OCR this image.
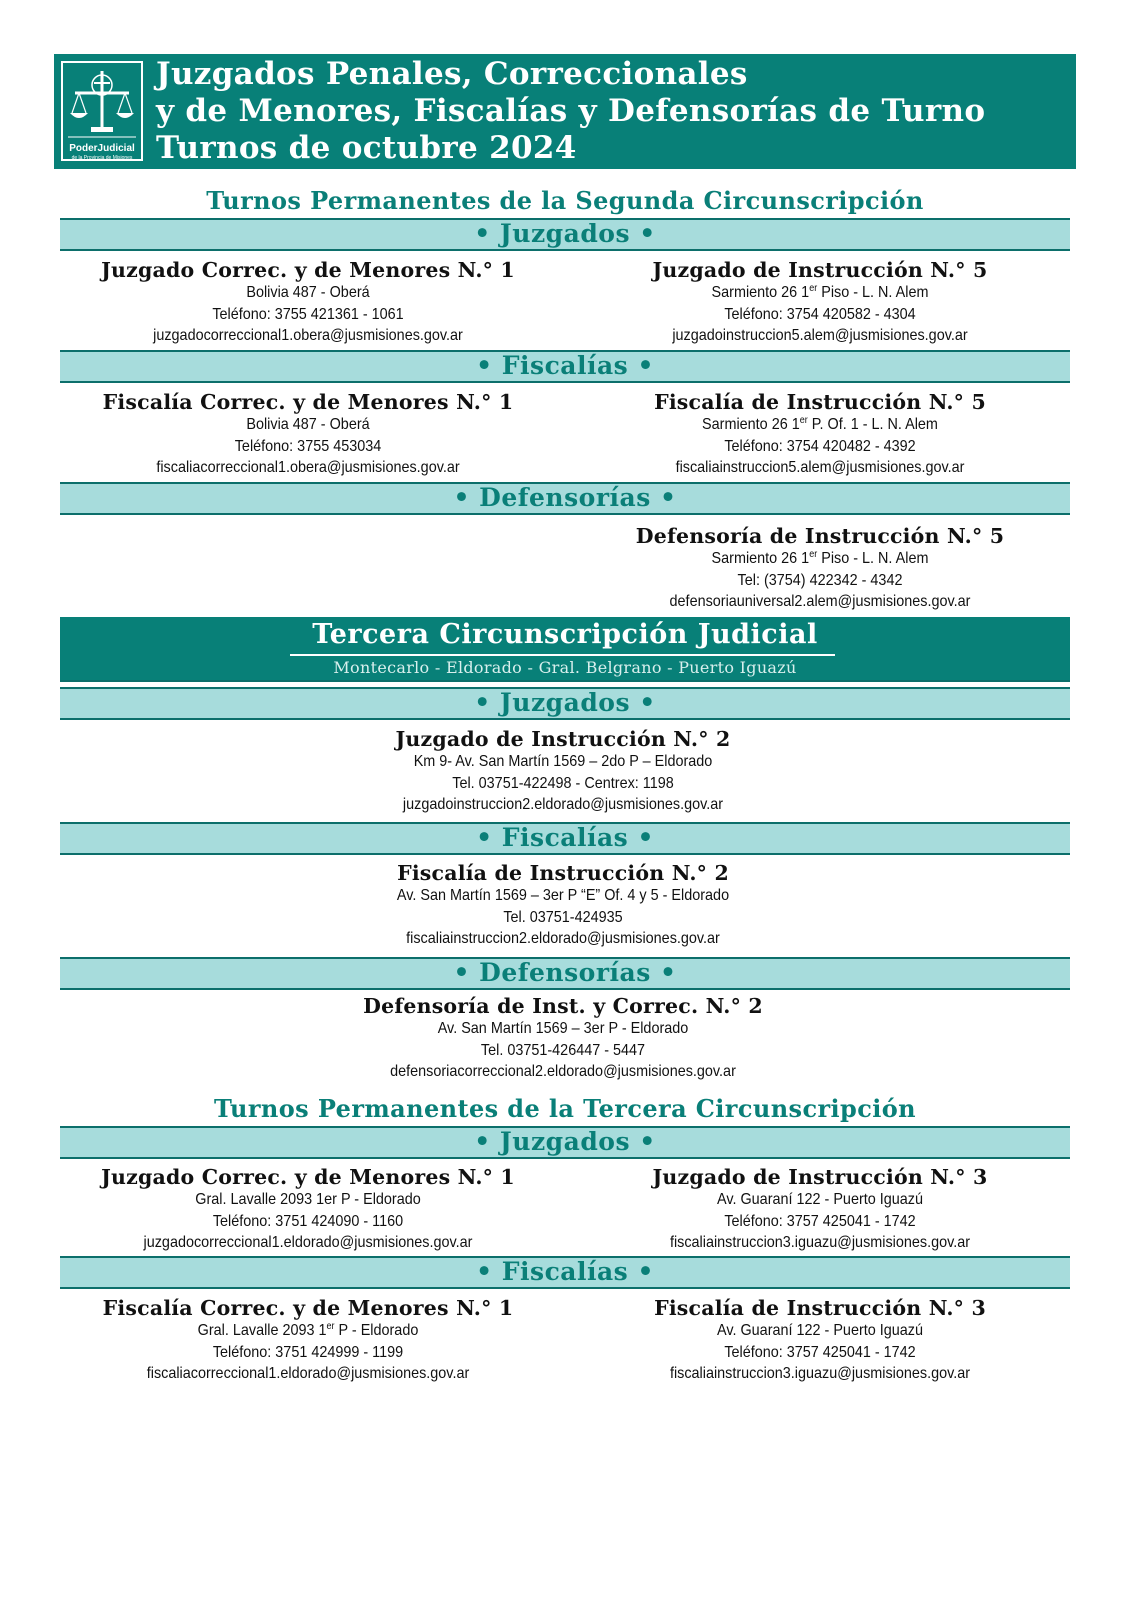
PoderJudicial
de la Provincia de Misiones
Juzgados Penales, Correccionales
y de Menores, Fiscalías y Defensorías de Turno
Turnos de octubre 2024
Turnos Permanentes de la Segunda Circunscripción
• Juzgados •
Juzgado Correc. y de Menores N.° 1
Bolivia 487 - Oberá
Teléfono: 3755 421361 - 1061
juzgadocorreccional1.obera@jusmisiones.gov.ar
Juzgado de Instrucción N.° 5
Sarmiento 26 1er Piso - L. N. Alem
Teléfono: 3754 420582 - 4304
juzgadoinstruccion5.alem@jusmisiones.gov.ar
• Fiscalías •
Fiscalía Correc. y de Menores N.° 1
Bolivia 487 - Oberá
Teléfono: 3755 453034
fiscaliacorreccional1.obera@jusmisiones.gov.ar
Fiscalía de Instrucción N.° 5
Sarmiento 26 1er P. Of. 1 - L. N. Alem
Teléfono: 3754 420482 - 4392
fiscaliainstruccion5.alem@jusmisiones.gov.ar
• Defensorías •
Defensoría de Instrucción N.° 5
Sarmiento 26 1er Piso - L. N. Alem
Tel: (3754) 422342 - 4342
defensoriauniversal2.alem@jusmisiones.gov.ar
Tercera Circunscripción Judicial
Montecarlo - Eldorado - Gral. Belgrano - Puerto Iguazú
• Juzgados •
Juzgado de Instrucción N.° 2
Km 9- Av. San Martín 1569 – 2do P – Eldorado
Tel. 03751-422498 - Centrex: 1198
juzgadoinstruccion2.eldorado@jusmisiones.gov.ar
• Fiscalías •
Fiscalía de Instrucción N.° 2
Av. San Martín 1569 – 3er P “E” Of. 4 y 5 - Eldorado
Tel. 03751-424935
fiscaliainstruccion2.eldorado@jusmisiones.gov.ar
• Defensorías •
Defensoría de Inst. y Correc. N.° 2
Av. San Martín 1569 – 3er P - Eldorado
Tel. 03751-426447 - 5447
defensoriacorreccional2.eldorado@jusmisiones.gov.ar
Turnos Permanentes de la Tercera Circunscripción
• Juzgados •
Juzgado Correc. y de Menores N.° 1
Gral. Lavalle 2093 1er P - Eldorado
Teléfono: 3751 424090 - 1160
juzgadocorreccional1.eldorado@jusmisiones.gov.ar
Juzgado de Instrucción N.° 3
Av. Guaraní 122 - Puerto Iguazú
Teléfono: 3757 425041 - 1742
fiscaliainstruccion3.iguazu@jusmisiones.gov.ar
• Fiscalías •
Fiscalía Correc. y de Menores N.° 1
Gral. Lavalle 2093 1er P - Eldorado
Teléfono: 3751 424999 - 1199
fiscaliacorreccional1.eldorado@jusmisiones.gov.ar
Fiscalía de Instrucción N.° 3
Av. Guaraní 122 - Puerto Iguazú
Teléfono: 3757 425041 - 1742
fiscaliainstruccion3.iguazu@jusmisiones.gov.ar
